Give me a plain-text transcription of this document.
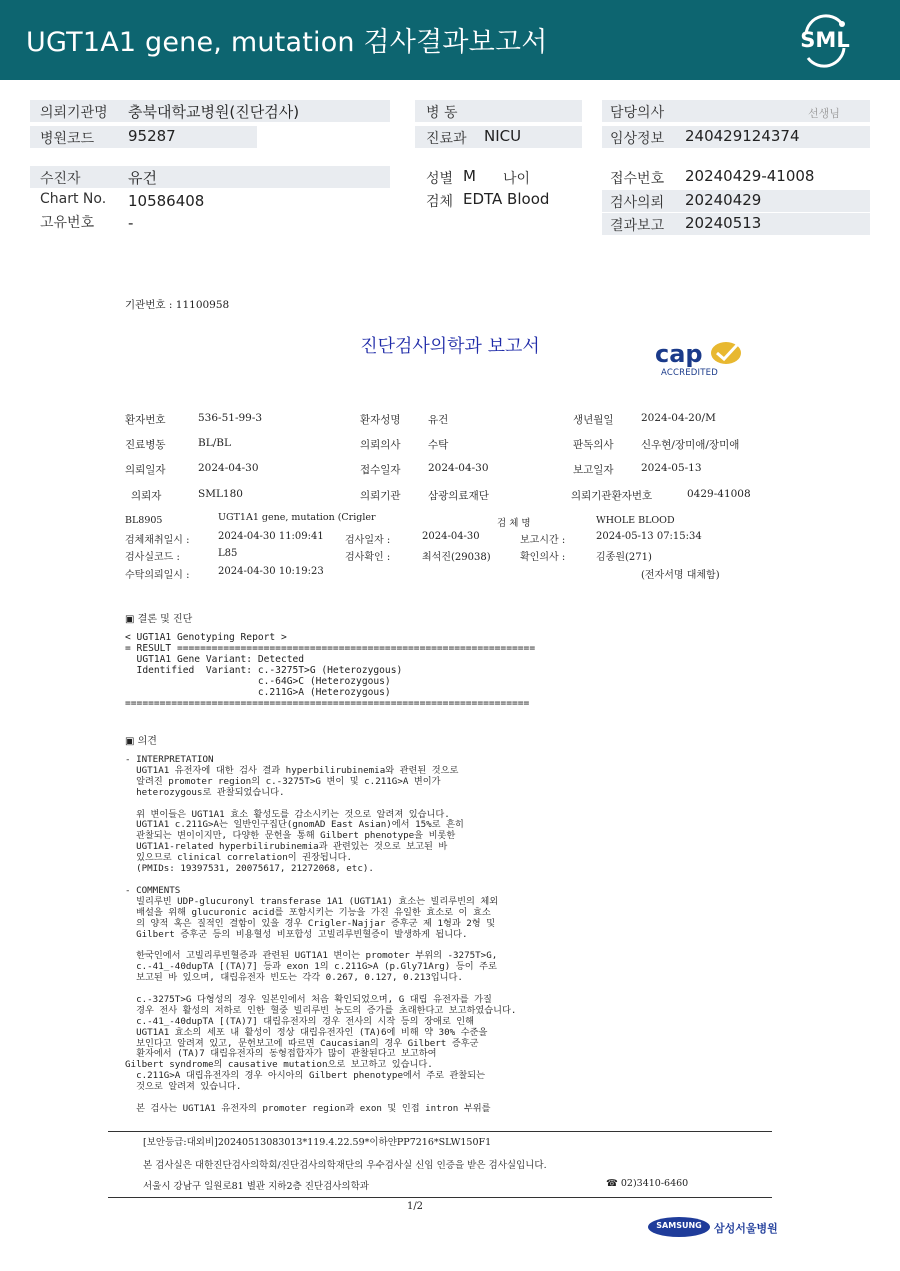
UGT1A1 gene, mutation 검사결과보고서	SML
의뢰기관명 충북대학교병원(진단검사)
병원코드 95287
병 동
진료과 NICU
담당의사	선생님
임상정보 240429124374
수진자	유건
Chart No. 10586408
고유번호 -
성별 M 나이
검체 EDTA Blood
접수번호 20240429-41008
검사의뢰 20240429
결과보고 20240513
기관번호 : 11100958
진단검사의학과 보고서	cap
ACCREDITED
환자번호	536-51-99-3	환자성명	유건	생년월일	2024-04-20/M
진료병동	BL/BL	의뢰의사	수탁	판독의사	신우현/장미애/장미애
의뢰일자	2024-04-30	접수일자	2024-04-30	보고일자	2024-05-13
의뢰자	SML180	의뢰기관	삼광의료재단	의뢰기관환자번호	0429-41008
BL8905	UGT1A1 gene, mutation (Crigler
검 체 명	WHOLE BLOOD
검체채취일시 :	2024-04-30 11:09:41 검사일자 :	2024-04-30	보고시간 :	2024-05-13 07:15:34
검사실코드 :	L85	검사확인 :	최석진(29038)	확인의사 :	김종원(271)
수탁의뢰일시 :	2024-04-30 10:19:23	(전자서명 대체함)
▣ 결론 및 진단
< UGT1A1 Genotyping Report >
= RESULT ==============================================================
UGT1A1 Gene Variant: Detected
Identified  Variant: c.-3275T>G (Heterozygous)
c.-64G>C (Heterozygous)
c.211G>A (Heterozygous)
======================================================================
▣ 의견
- INTERPRETATION
UGT1A1 유전자에 대한 검사 결과 hyperbilirubinemia와 관련된 것으로
알려진 promoter region의 c.-3275T>G 변이 및 c.211G>A 변이가
heterozygous로 관찰되었습니다.

위 변이들은 UGT1A1 효소 활성도를 감소시키는 것으로 알려져 있습니다.
UGT1A1 c.211G>A는 일반인구집단(gnomAD East Asian)에서 15%로 흔히
관찰되는 변이이지만, 다양한 문헌을 통해 Gilbert phenotype을 비롯한
UGT1A1-related hyperbilirubinemia과 관련있는 것으로 보고된 바
있으므로 clinical correlation이 권장됩니다.
(PMIDs: 19397531, 20075617, 21272068, etc).

- COMMENTS
빌리루빈 UDP-glucuronyl transferase 1A1 (UGT1A1) 효소는 빌리루빈의 체외
배설을 위해 glucuronic acid를 포함시키는 기능을 가진 유일한 효소로 이 효소
의 양적 혹은 질적인 결함이 있을 경우 Crigler-Najjar 증후군 제 1형과 2형 및
Gilbert 증후군 등의 비용혈성 비포합성 고빌리루빈혈증이 발생하게 됩니다.

한국인에서 고빌리루빈혈증과 관련된 UGT1A1 변이는 promoter 부위의 -3275T>G,
c.-41_-40dupTA [(TA)7] 등과 exon 1의 c.211G>A (p.Gly71Arg) 등이 주로
보고된 바 있으며, 대립유전자 빈도는 각각 0.267, 0.127, 0.213입니다.

c.-3275T>G 다형성의 경우 일본인에서 처음 확인되었으며, G 대립 유전자를 가질
경우 전사 활성의 저하로 인한 혈중 빌리루빈 농도의 증가를 초래한다고 보고하였습니다.
c.-41_-40dupTA [(TA)7] 대립유전자의 경우 전사의 시작 등의 장애로 인해
UGT1A1 효소의 세포 내 활성이 정상 대립유전자인 (TA)6에 비해 약 30% 수준을
보인다고 알려져 있고, 문헌보고에 따르면 Caucasian의 경우 Gilbert 증후군
환자에서 (TA)7 대립유전자의 동형접합자가 많이 관찰된다고 보고하여
Gilbert syndrome의 causative mutation으로 보고하고 있습니다.
c.211G>A 대립유전자의 경우 아시아의 Gilbert phenotype에서 주로 관찰되는
것으로 알려져 있습니다.

본 검사는 UGT1A1 유전자의 promoter region과 exon 및 인접 intron 부위를
[보안등급:대외비]20240513083013*119.4.22.59*이하얀PP7216*SLW150F1
본 검사실은 대한진단검사의학회/진단검사의학재단의 우수검사실 신임 인증을 받은 검사실입니다.
서울시 강남구 일원로81 별관 지하2층 진단검사의학과	☎ 02)3410-6460
1/2
SAMSUNG	삼성서울병원
